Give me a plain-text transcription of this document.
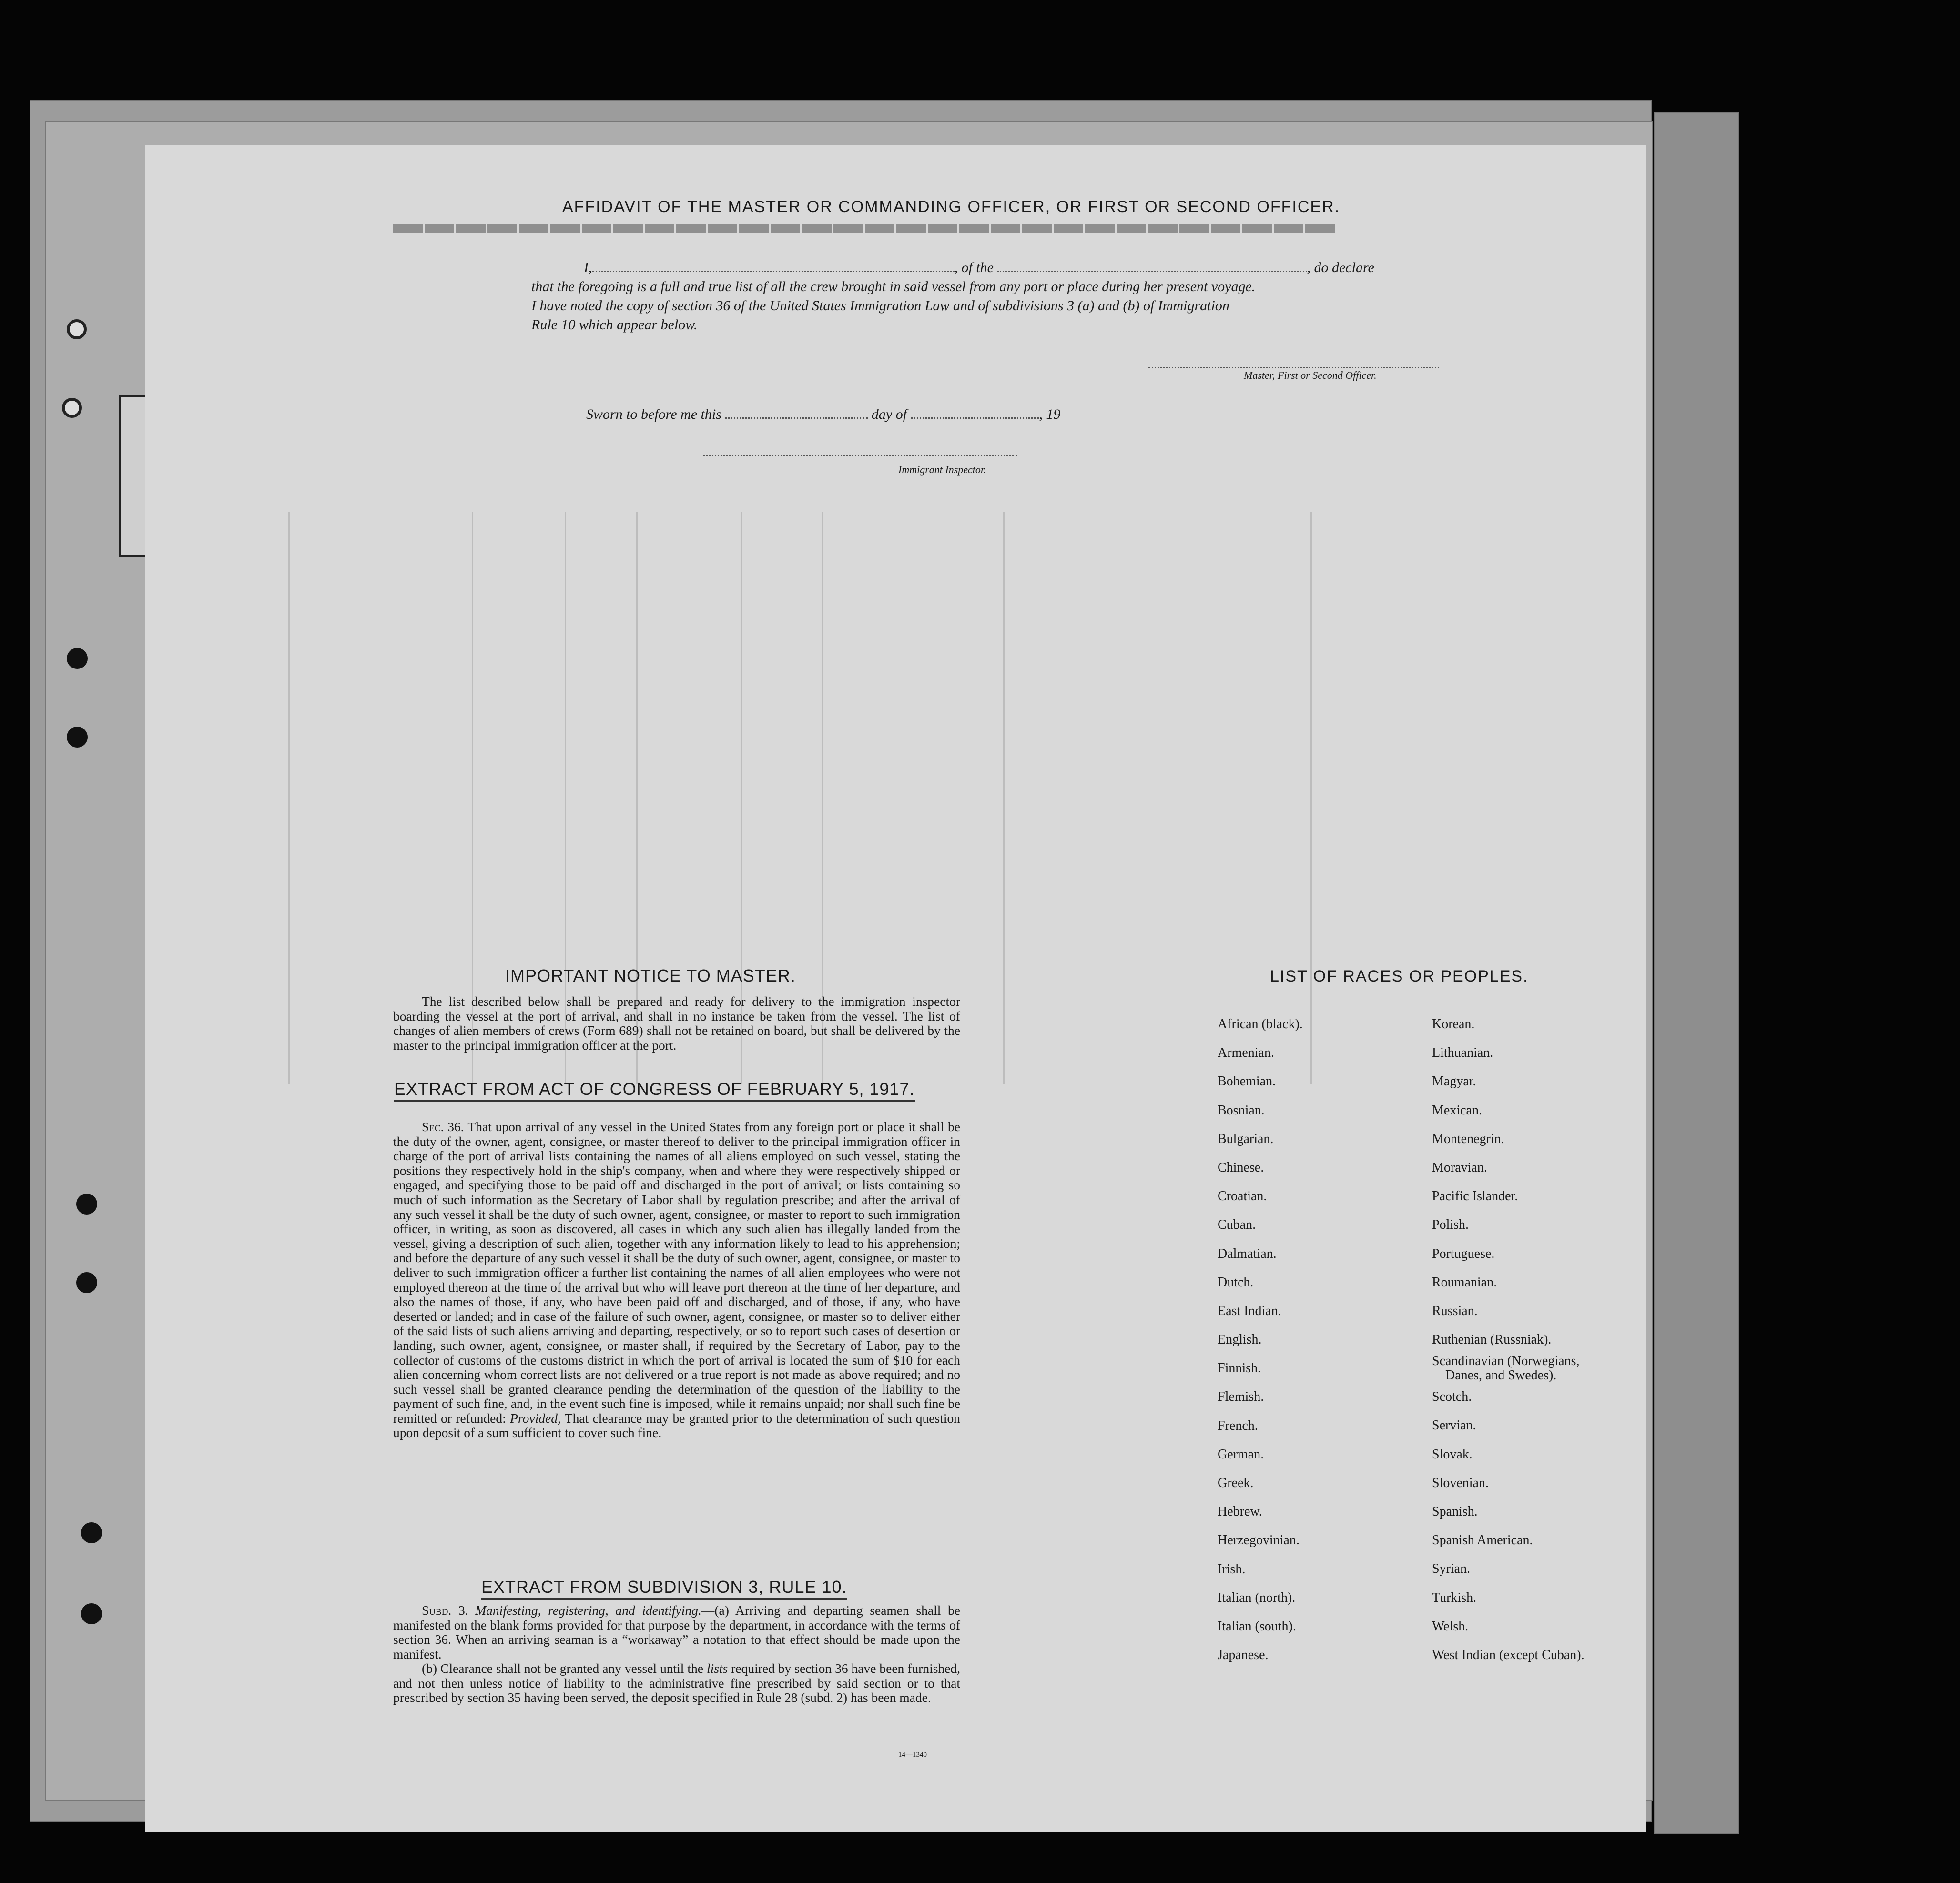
▬▬▬▬▬▬▬▬▬▬▬▬▬▬▬▬▬▬▬▬▬▬▬▬▬▬▬▬▬▬
AFFIDAVIT OF THE MASTER OR COMMANDING OFFICER, OR FIRST OR SECOND OFFICER.
I,	, of the	, do declare
that the foregoing is a full and true list of all the crew brought in said vessel from any port or place during her present voyage.
I have noted the copy of section 36 of the United States Immigration Law and of subdivisions 3 (a) and (b) of Immigration
Rule 10 which appear below.
Master, First or Second Officer.
Sworn to before me this	day of	, 19
Immigrant Inspector.
IMPORTANT NOTICE TO MASTER.

The list described below shall be prepared and ready for delivery to the immigration inspector boarding the vessel at the port of arrival, and shall in no instance be taken from the vessel. The list of changes of alien members of crews (Form 689) shall not be retained on board, but shall be delivered by the master to the principal immigration officer at the port.

EXTRACT FROM ACT OF CONGRESS OF FEBRUARY 5, 1917.

Sec. 36. That upon arrival of any vessel in the United States from any foreign port or place it shall be the duty of the owner, agent, consignee, or master thereof to deliver to the principal immigration officer in charge of the port of arrival lists containing the names of all aliens employed on such vessel, stating the positions they respectively hold in the ship's company, when and where they were respectively shipped or engaged, and specifying those to be paid off and discharged in the port of arrival; or lists containing so much of such information as the Secretary of Labor shall by regulation prescribe; and after the arrival of any such vessel it shall be the duty of such owner, agent, consignee, or master to report to such immigration officer, in writing, as soon as discovered, all cases in which any such alien has illegally landed from the vessel, giving a description of such alien, together with any information likely to lead to his apprehension; and before the departure of any such vessel it shall be the duty of such owner, agent, consignee, or master to deliver to such immigration officer a further list containing the names of all alien employees who were not employed thereon at the time of the arrival but who will leave port thereon at the time of her departure, and also the names of those, if any, who have been paid off and discharged, and of those, if any, who have deserted or landed; and in case of the failure of such owner, agent, consignee, or master so to deliver either of the said lists of such aliens arriving and departing, respectively, or so to report such cases of desertion or landing, such owner, agent, consignee, or master shall, if required by the Secretary of Labor, pay to the collector of customs of the customs district in which the port of arrival is located the sum of $10 for each alien concerning whom correct lists are not delivered or a true report is not made as above required; and no such vessel shall be granted clearance pending the determination of the question of the liability to the payment of such fine, and, in the event such fine is imposed, while it remains unpaid; nor shall such fine be remitted or refunded: Provided, That clearance may be granted prior to the determination of such question upon deposit of a sum sufficient to cover such fine.

EXTRACT FROM SUBDIVISION 3, RULE 10.

Subd. 3. Manifesting, registering, and identifying.—(a) Arriving and departing seamen shall be manifested on the blank forms provided for that purpose by the department, in accordance with the terms of section 36. When an arriving seaman is a “workaway” a notation to that effect should be made upon the manifest.

(b) Clearance shall not be granted any vessel until the lists required by section 36 have been furnished, and not then unless notice of liability to the administrative fine prescribed by said section or to that prescribed by section 35 having been served, the deposit specified in Rule 28 (subd. 2) has been made.

14—1340
LIST OF RACES OR PEOPLES.
African (black).
Armenian.
Bohemian.
Bosnian.
Bulgarian.
Chinese.
Croatian.
Cuban.
Dalmatian.
Dutch.
East Indian.
English.
Finnish.
Flemish.
French.
German.
Greek.
Hebrew.
Herzegovinian.
Irish.
Italian (north).
Italian (south).
Japanese.
Korean.
Lithuanian.
Magyar.
Mexican.
Montenegrin.
Moravian.
Pacific Islander.
Polish.
Portuguese.
Roumanian.
Russian.
Ruthenian (Russniak).
Scandinavian (Norwegians,
Danes, and Swedes).
Scotch.
Servian.
Slovak.
Slovenian.
Spanish.
Spanish American.
Syrian.
Turkish.
Welsh.
West Indian (except Cuban).
